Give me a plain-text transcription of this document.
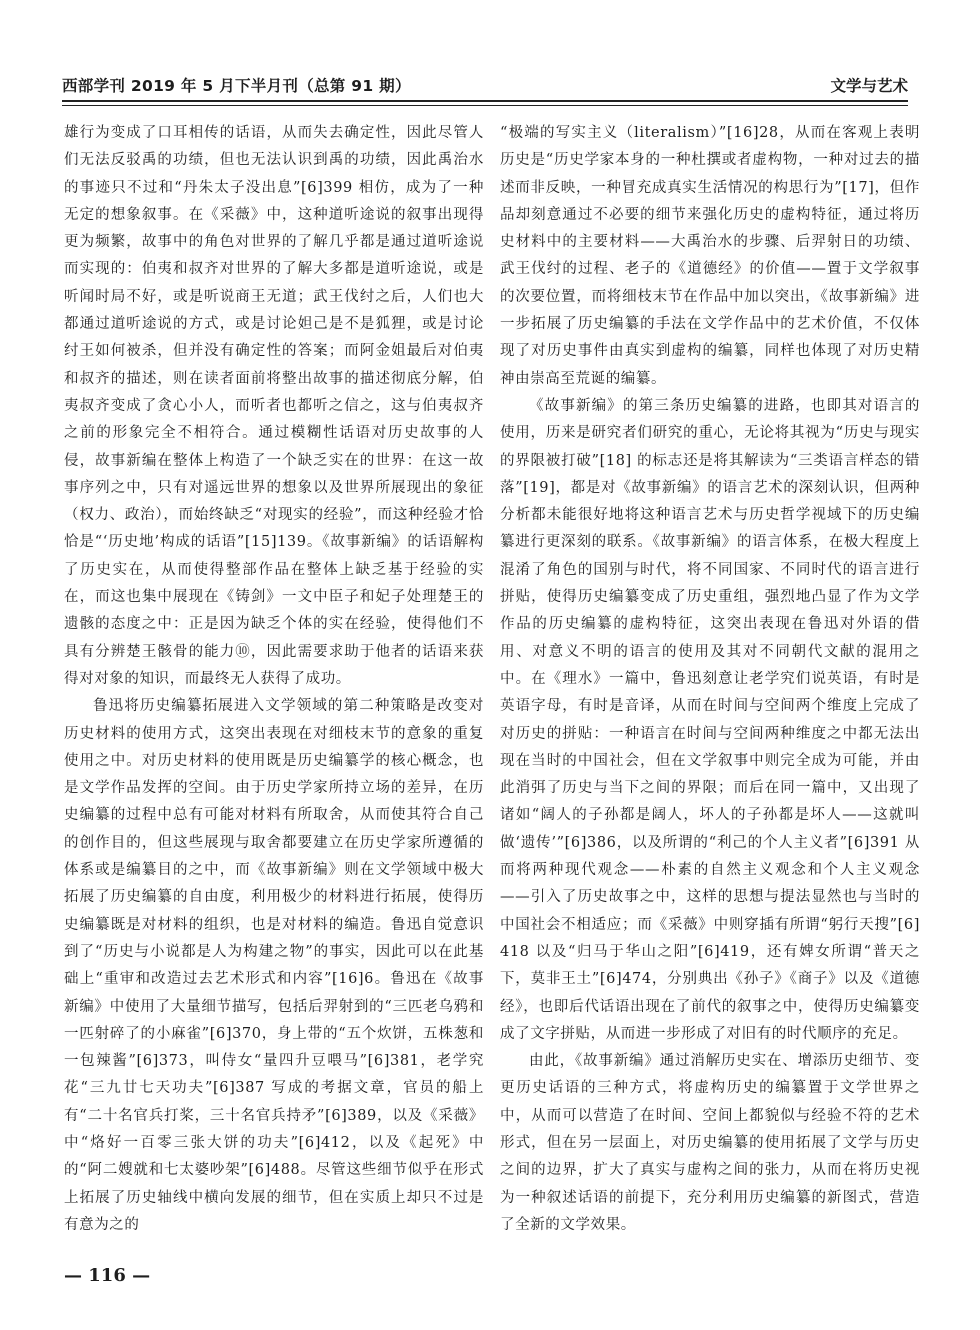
西部学刊 2019 年 5 月下半月刊（总第 91 期）	文学与艺术

雄行为变成了口耳相传的话语，从而失去确定性，因此尽管人们无法反驳禹的功绩，但也无法认识到禹的功绩，因此禹治水的事迹只不过和“丹朱太子没出息”[6]399 相仿，成为了一种无定的想象叙事。在《采薇》中，这种道听途说的叙事出现得更为频繁，故事中的角色对世界的了解几乎都是通过道听途说而实现的：伯夷和叔齐对世界的了解大多都是道听途说，或是听闻时局不好，或是听说商王无道；武王伐纣之后，人们也大都通过道听途说的方式，或是讨论妲己是不是狐狸，或是讨论纣王如何被杀，但并没有确定性的答案；而阿金姐最后对伯夷和叔齐的描述，则在读者面前将整出故事的描述彻底分解，伯夷叔齐变成了贪心小人，而听者也都听之信之，这与伯夷叔齐之前的形象完全不相符合。通过模糊性话语对历史故事的人侵，故事新编在整体上构造了一个缺乏实在的世界：在这一故事序列之中，只有对遥远世界的想象以及世界所展现出的象征（权力、政治），而始终缺乏“对现实的经验”，而这种经验才恰恰是“‘历史地’构成的话语”[15]139。《故事新编》的话语解构了历史实在，从而使得整部作品在整体上缺乏基于经验的实在，而这也集中展现在《铸剑》一文中臣子和妃子处理楚王的遗骸的态度之中：正是因为缺乏个体的实在经验，使得他们不具有分辨楚王骸骨的能力⑩，因此需要求助于他者的话语来获得对对象的知识，而最终无人获得了成功。

鲁迅将历史编纂拓展进入文学领域的第二种策略是改变对历史材料的使用方式，这突出表现在对细枝末节的意象的重复使用之中。对历史材料的使用既是历史编纂学的核心概念，也是文学作品发挥的空间。由于历史学家所持立场的差异，在历史编纂的过程中总有可能对材料有所取舍，从而使其符合自己的创作目的，但这些展现与取舍都要建立在历史学家所遵循的体系或是编纂目的之中，而《故事新编》则在文学领域中极大拓展了历史编纂的自由度，利用极少的材料进行拓展，使得历史编纂既是对材料的组织，也是对材料的编造。鲁迅自觉意识到了“历史与小说都是人为构建之物”的事实，因此可以在此基础上“重审和改造过去艺术形式和内容”[16]6。鲁迅在《故事新编》中使用了大量细节描写，包括后羿射到的“三匹老乌鸦和一匹射碎了的小麻雀”[6]370，身上带的“五个炊饼，五株葱和一包辣酱”[6]373，叫侍女“量四升豆喂马”[6]381，老学究花“三九廿七天功夫”[6]387 写成的考据文章，官员的船上有“二十名官兵打桨，三十名官兵持矛”[6]389，以及《采薇》中“烙好一百零三张大饼的功夫”[6]412，以及《起死》中的“阿二嫂就和七太婆吵架”[6]488。尽管这些细节似乎在形式上拓展了历史轴线中横向发展的细节，但在实质上却只不过是有意为之的

“极端的写实主义（literalism）”[16]28，从而在客观上表明历史是“历史学家本身的一种杜撰或者虚构物，一种对过去的描述而非反映，一种冒充成真实生活情况的构思行为”[17]，但作品却刻意通过不必要的细节来强化历史的虚构特征，通过将历史材料中的主要材料——大禹治水的步骤、后羿射日的功绩、武王伐纣的过程、老子的《道德经》的价值——置于文学叙事的次要位置，而将细枝末节在作品中加以突出，《故事新编》进一步拓展了历史编纂的手法在文学作品中的艺术价值，不仅体现了对历史事件由真实到虚构的编纂，同样也体现了对历史精神由崇高至荒诞的编纂。

《故事新编》的第三条历史编纂的进路，也即其对语言的使用，历来是研究者们研究的重心，无论将其视为“历史与现实的界限被打破”[18] 的标志还是将其解读为“三类语言样态的错落”[19]，都是对《故事新编》的语言艺术的深刻认识，但两种分析都未能很好地将这种语言艺术与历史哲学视域下的历史编纂进行更深刻的联系。《故事新编》的语言体系，在极大程度上混淆了角色的国别与时代，将不同国家、不同时代的语言进行拼贴，使得历史编纂变成了历史重组，强烈地凸显了作为文学作品的历史编纂的虚构特征，这突出表现在鲁迅对外语的借用、对意义不明的语言的使用及其对不同朝代文献的混用之中。在《理水》一篇中，鲁迅刻意让老学究们说英语，有时是英语字母，有时是音译，从而在时间与空间两个维度上完成了对历史的拼贴：一种语言在时间与空间两种维度之中都无法出现在当时的中国社会，但在文学叙事中则完全成为可能，并由此消弭了历史与当下之间的界限；而后在同一篇中，又出现了诸如“阔人的子孙都是阔人，坏人的子孙都是坏人——这就叫做‘遗传’”[6]386，以及所谓的“利己的个人主义者”[6]391 从而将两种现代观念——朴素的自然主义观念和个人主义观念——引入了历史故事之中，这样的思想与提法显然也与当时的中国社会不相适应；而《采薇》中则穿插有所谓“躬行天搜”[6]418 以及“归马于华山之阳”[6]419，还有婢女所谓“普天之下，莫非王土”[6]474，分别典出《孙子》《商子》以及《道德经》，也即后代话语出现在了前代的叙事之中，使得历史编纂变成了文字拼贴，从而进一步形成了对旧有的时代顺序的充足。

由此，《故事新编》通过消解历史实在、增添历史细节、变更历史话语的三种方式，将虚构历史的编纂置于文学世界之中，从而可以营造了在时间、空间上都貌似与经验不符的艺术形式，但在另一层面上，对历史编纂的使用拓展了文学与历史之间的边界，扩大了真实与虚构之间的张力，从而在将历史视为一种叙述话语的前提下，充分利用历史编纂的新图式，营造了全新的文学效果。

— 116 —
